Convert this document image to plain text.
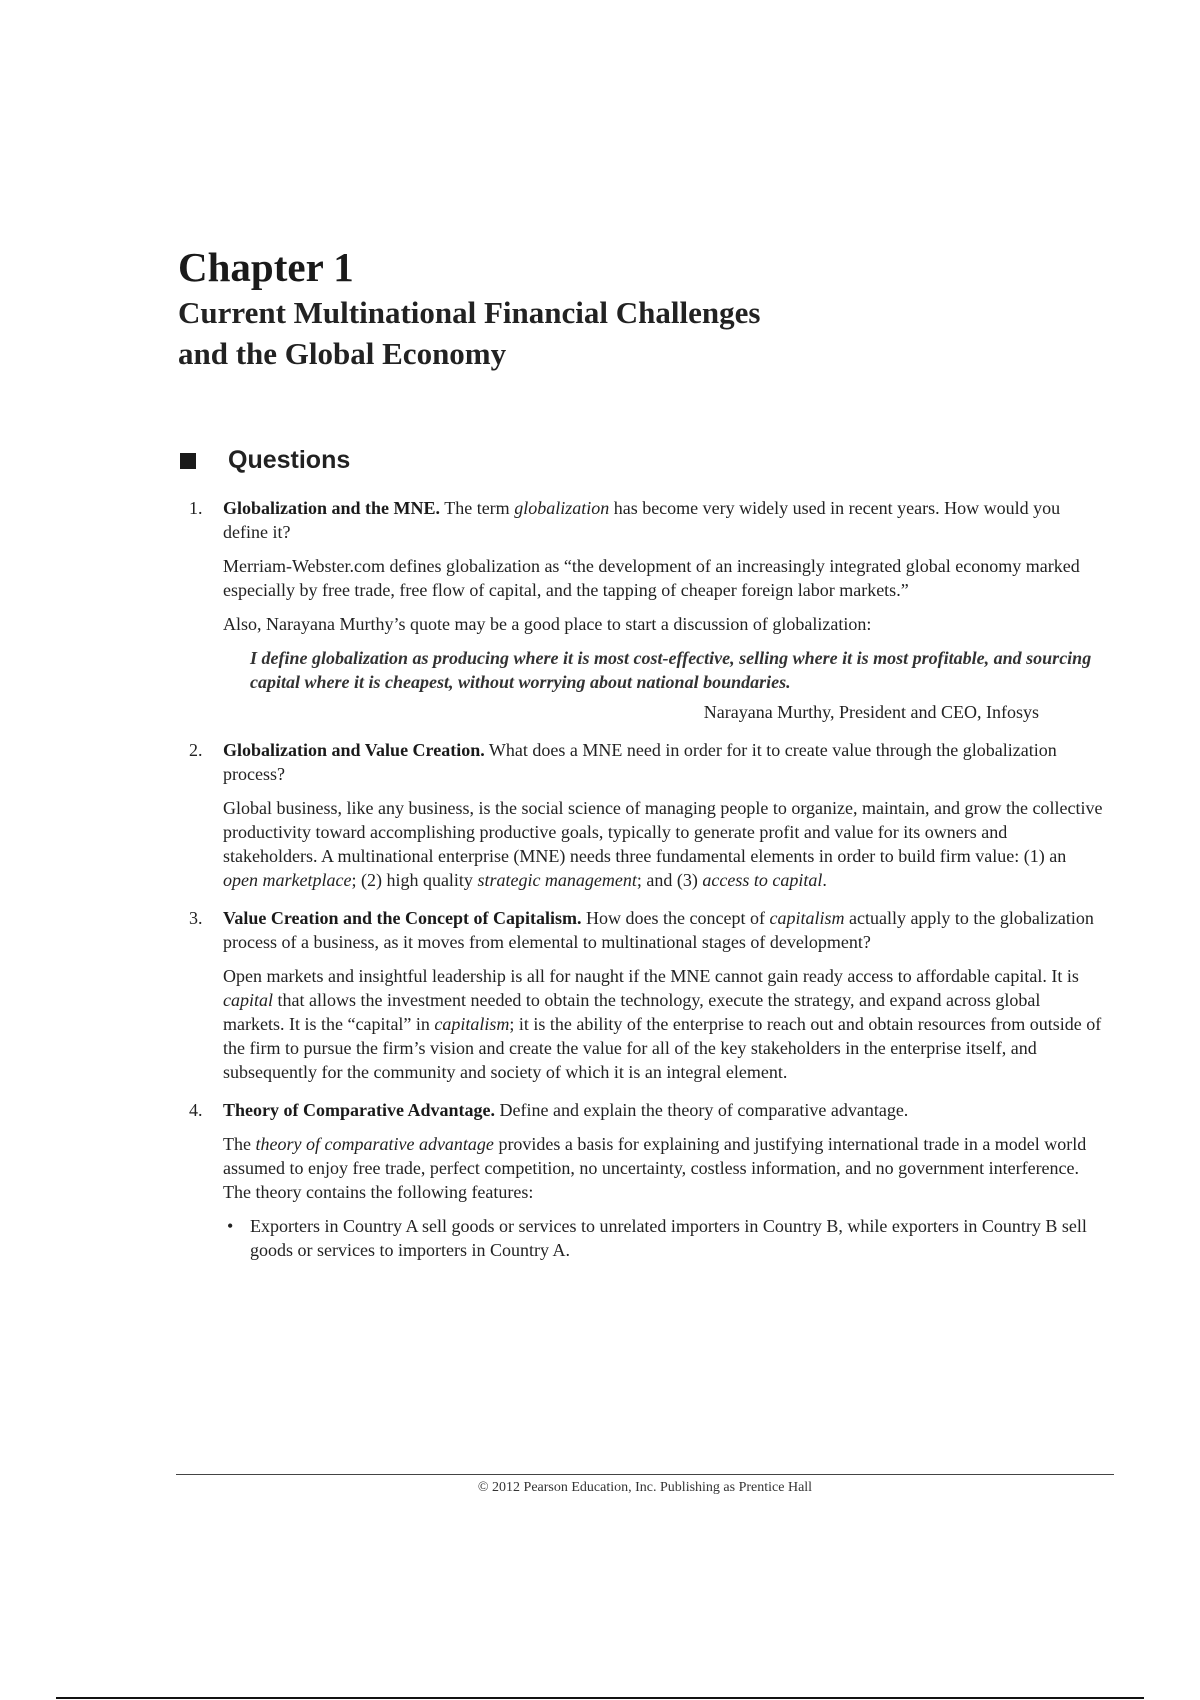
Chapter 1
Current Multinational Financial Challenges
and the Global Economy
Questions
1. Globalization and the MNE. The term globalization has become very widely used in recent years. How would you define it?

Merriam-Webster.com defines globalization as “the development of an increasingly integrated global economy marked especially by free trade, free flow of capital, and the tapping of cheaper foreign labor markets.”

Also, Narayana Murthy’s quote may be a good place to start a discussion of globalization:

I define globalization as producing where it is most cost-effective, selling where it is most profitable, and sourcing capital where it is cheapest, without worrying about national boundaries.

Narayana Murthy, President and CEO, Infosys

2. Globalization and Value Creation. What does a MNE need in order for it to create value through the globalization process?

Global business, like any business, is the social science of managing people to organize, maintain, and grow the collective productivity toward accomplishing productive goals, typically to generate profit and value for its owners and stakeholders. A multinational enterprise (MNE) needs three fundamental elements in order to build firm value: (1) an open marketplace; (2) high quality strategic management; and (3) access to capital.

3. Value Creation and the Concept of Capitalism. How does the concept of capitalism actually apply to the globalization process of a business, as it moves from elemental to multinational stages of development?

Open markets and insightful leadership is all for naught if the MNE cannot gain ready access to affordable capital. It is capital that allows the investment needed to obtain the technology, execute the strategy, and expand across global markets. It is the “capital” in capitalism; it is the ability of the enterprise to reach out and obtain resources from outside of the firm to pursue the firm’s vision and create the value for all of the key stakeholders in the enterprise itself, and subsequently for the community and society of which it is an integral element.

4. Theory of Comparative Advantage. Define and explain the theory of comparative advantage.

The theory of comparative advantage provides a basis for explaining and justifying international trade in a model world assumed to enjoy free trade, perfect competition, no uncertainty, costless information, and no government interference. The theory contains the following features:

• Exporters in Country A sell goods or services to unrelated importers in Country B, while exporters in Country B sell goods or services to importers in Country A.
© 2012 Pearson Education, Inc. Publishing as Prentice Hall
